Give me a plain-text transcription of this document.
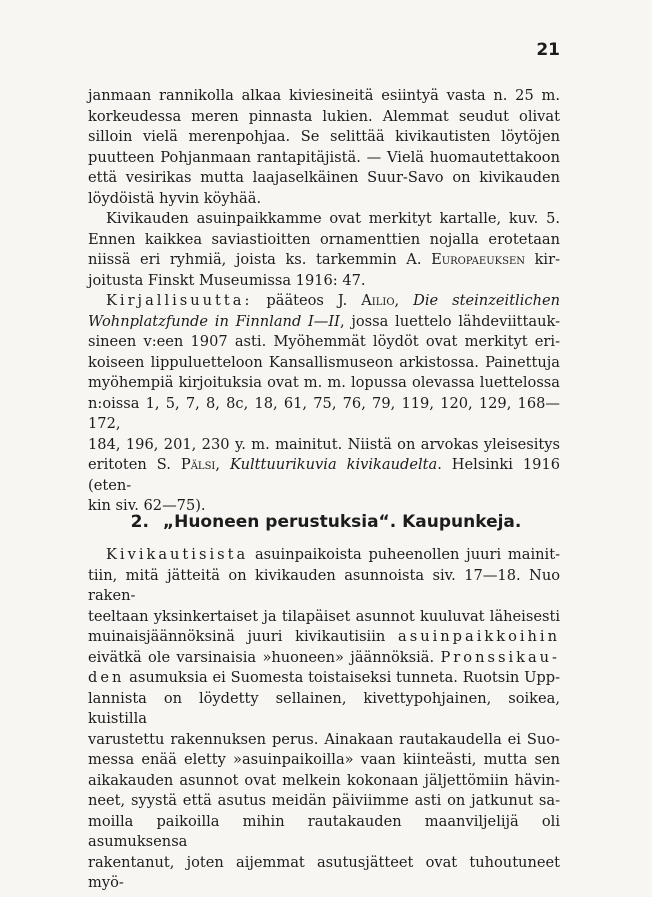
21

janmaan rannikolla alkaa kiviesineitä esiintyä vasta n. 25 m.

korkeudessa meren pinnasta lukien. Alemmat seudut olivat

silloin vielä merenpohjaa. Se selittää kivikautisten löytöjen

puutteen Pohjanmaan rantapitäjistä. — Vielä huomautettakoon

että vesirikas mutta laajaselkäinen Suur-Savo on kivikauden

löydöistä hyvin köyhää.

Kivikauden asuinpaikkamme ovat merkityt kartalle, kuv. 5.

Ennen kaikkea saviastioitten ornamenttien nojalla erotetaan

niissä eri ryhmiä, joista ks. tarkemmin A. Europaeuksen kir-

joitusta Finskt Museumissa 1916: 47.

Kirjallisuutta: pääteos J. Ailio, Die steinzeitlichen

Wohnplatzfunde in Finnland I—II, jossa luettelo lähdeviittauk-

sineen v:een 1907 asti. Myöhemmät löydöt ovat merkityt eri-

koiseen lippuluetteloon Kansallismuseon arkistossa. Painettuja

myöhempiä kirjoituksia ovat m. m. lopussa olevassa luettelossa

n:oissa 1, 5, 7, 8, 8c, 18, 61, 75, 76, 79, 119, 120, 129, 168—172,

184, 196, 201, 230 y. m. mainitut. Niistä on arvokas yleisesitys

eritoten S. Pälsi, Kulttuurikuvia kivikaudelta. Helsinki 1916 (eten-

kin siv. 62—75).

2. „Huoneen perustuksia“. Kaupunkeja.

Kivikautisista asuinpaikoista puheenollen juuri mainit-

tiin, mitä jätteitä on kivikauden asunnoista siv. 17—18. Nuo raken-

teeltaan yksinkertaiset ja tilapäiset asunnot kuuluvat läheisesti

muinaisjäännöksinä juuri kivikautisiin asuinpaikkoihin

eivätkä ole varsinaisia »huoneen» jäännöksiä. Pronssikau-

den asumuksia ei Suomesta toistaiseksi tunneta. Ruotsin Upp-

lannista on löydetty sellainen, kivettypohjainen, soikea, kuistilla

varustettu rakennuksen perus. Ainakaan rautakaudella ei Suo-

messa enää eletty »asuinpaikoilla» vaan kiinteästi, mutta sen

aikakauden asunnot ovat melkein kokonaan jäljettömiin hävin-

neet, syystä että asutus meidän päiviimme asti on jatkunut sa-

moilla paikoilla mihin rautakauden maanviljelijä oli asumuksensa

rakentanut, joten aijemmat asutusjätteet ovat tuhoutuneet myö-
